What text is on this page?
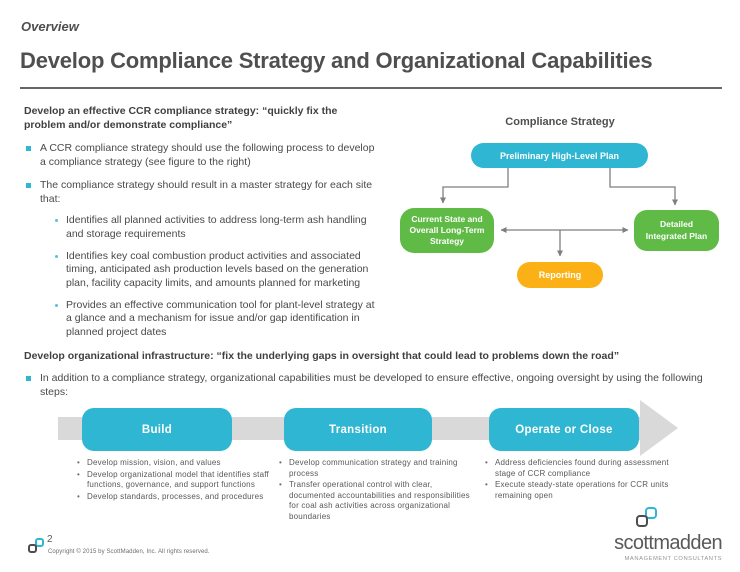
Overview
Develop Compliance Strategy and Organizational Capabilities

Develop an effective CCR compliance strategy: “quickly fix the problem and/or demonstrate compliance”

A CCR compliance strategy should use the following process to develop a compliance strategy (see figure to the right)

The compliance strategy should result in a master strategy for each site that:

Identifies all planned activities to address long-term ash handling and storage requirements

Identifies key coal combustion product activities and associated timing, anticipated ash production levels based on the generation plan, facility capacity limits, and amounts planned for marketing

Provides an effective communication tool for plant-level strategy at a glance and a mechanism for issue and/or gap identification in planned project dates

Compliance Strategy
Preliminary High-Level Plan
Current State and Overall Long-Term Strategy
Detailed Integrated Plan
Reporting

Develop organizational infrastructure: “fix the underlying gaps in oversight that could lead to problems down the road”

In addition to a compliance strategy, organizational capabilities must be developed to ensure effective, ongoing oversight by using the following steps:

Build	Transition	Operate or Close
• Develop mission, vision, and values
• Develop organizational model that identifies staff functions, governance, and support functions
• Develop standards, processes, and procedures
• Develop communication strategy and training process
• Transfer operational control with clear, documented accountabilities and responsibilities for coal ash activities across organizational boundaries
• Address deficiencies found during assessment stage of CCR compliance
• Execute steady-state operations for CCR units remaining open
2
Copyright © 2015 by ScottMadden, Inc. All rights reserved.	scottmadden
MANAGEMENT CONSULTANTS
